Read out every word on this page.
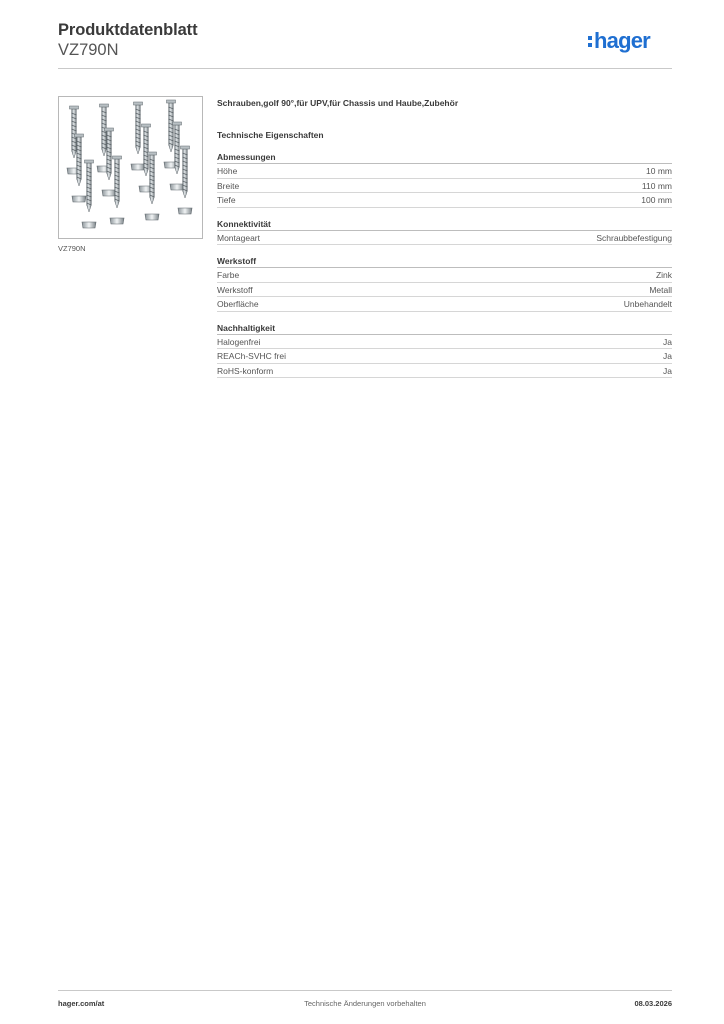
Produktdatenblatt
VZ790N	hager
VZ790N
Schrauben,golf 90°,für UPV,für Chassis und Haube,Zubehör
Technische Eigenschaften
Abmessungen
Höhe	10 mm
Breite	110 mm
Tiefe	100 mm
Konnektivität
Montageart	Schraubbefestigung
Werkstoff
Farbe	Zink
Werkstoff	Metall
Oberfläche	Unbehandelt
Nachhaltigkeit
Halogenfrei	Ja
REACh-SVHC frei	Ja
RoHS-konform	Ja
Technische Änderungen vorbehalten
hager.com/at	08.03.2026
